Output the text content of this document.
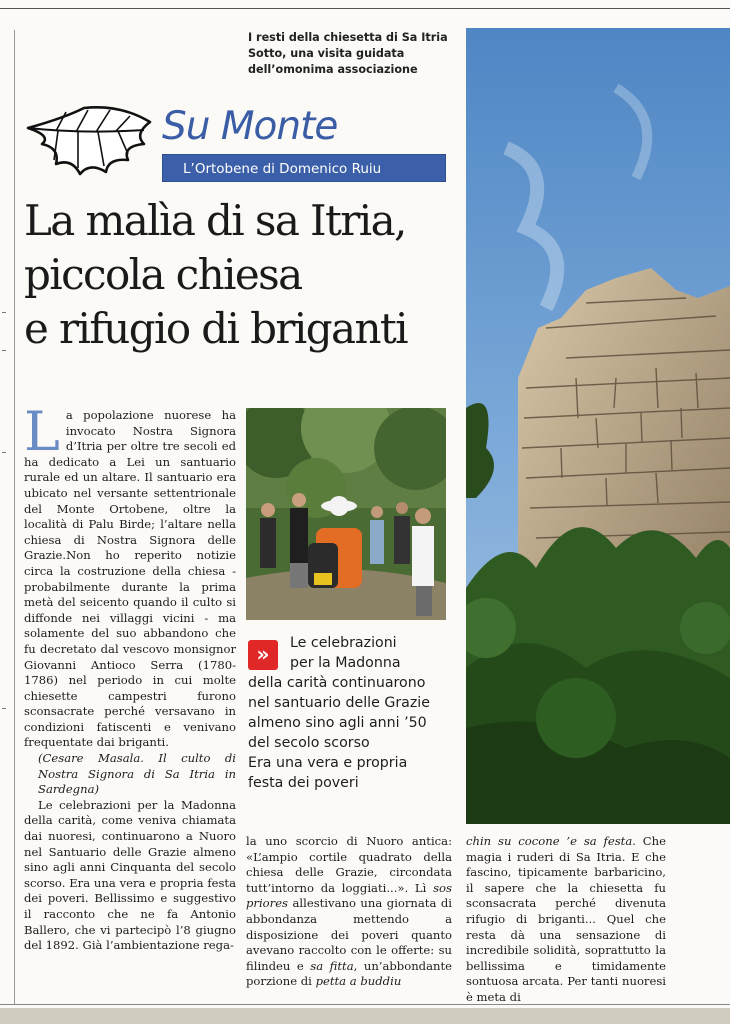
I resti della chiesetta di Sa Itria
Sotto, una visita guidata
dell’omonima associazione
Su Monte
L’Ortobene di Domenico Ruiu
La malìa di sa Itria,
piccola chiesa
e rifugio di briganti

La popolazione nuorese ha invocato Nostra Signora d’Itria per oltre tre secoli ed ha dedicato a Lei un santuario rurale ed un altare. Il santuario era ubicato nel versante settentrionale del Monte Ortobene, oltre la località di Palu Birde; l’altare nella chiesa di Nostra Signora delle Grazie.Non ho reperito notizie circa la costruzione della chiesa - probabilmente durante la prima metà del seicento quando il culto si diffonde nei villaggi vicini - ma solamente del suo abbandono che fu decretato dal vescovo monsignor Giovanni Antioco Serra (1780-1786) nel periodo in cui molte chiesette campestri furono sconsacrate perché versavano in condizioni fatiscenti e venivano frequentate dai briganti.

(Cesare Masala. Il culto di Nostra Signora di Sa Itria in Sardegna)

Le celebrazioni per la Madonna della carità, come veniva chiamata dai nuoresi, continuarono a Nuoro nel Santuario delle Grazie almeno sino agli anni Cinquanta del secolo scorso. Era una vera e propria festa dei poveri. Bellissimo e suggestivo il racconto che ne fa Antonio Ballero, che vi partecipò l’8 giugno del 1892. Già l’ambientazione rega-

»	Le celebrazioni
per la Madonna
della carità continuarono
nel santuario delle Grazie
almeno sino agli anni ’50
del secolo scorso
Era una vera e propria
festa dei poveri

la uno scorcio di Nuoro antica: «L’ampio cortile quadrato della chiesa delle Grazie, circondata tutt’intorno da loggiati...». Lì sos priores allestivano una giornata di abbondanza mettendo a disposizione dei poveri quanto avevano raccolto con le offerte: su filindeu e sa fitta, un’abbondante porzione di petta a buddiu

chin su cocone ’e sa festa. Che magia i ruderi di Sa Itria. E che fascino, tipicamente barbaricino, il sapere che la chiesetta fu sconsacrata perché divenuta rifugio di briganti... Quel che resta dà una sensazione di incredibile solidità, soprattutto la bellissima e timidamente sontuosa arcata. Per tanti nuoresi è meta di
